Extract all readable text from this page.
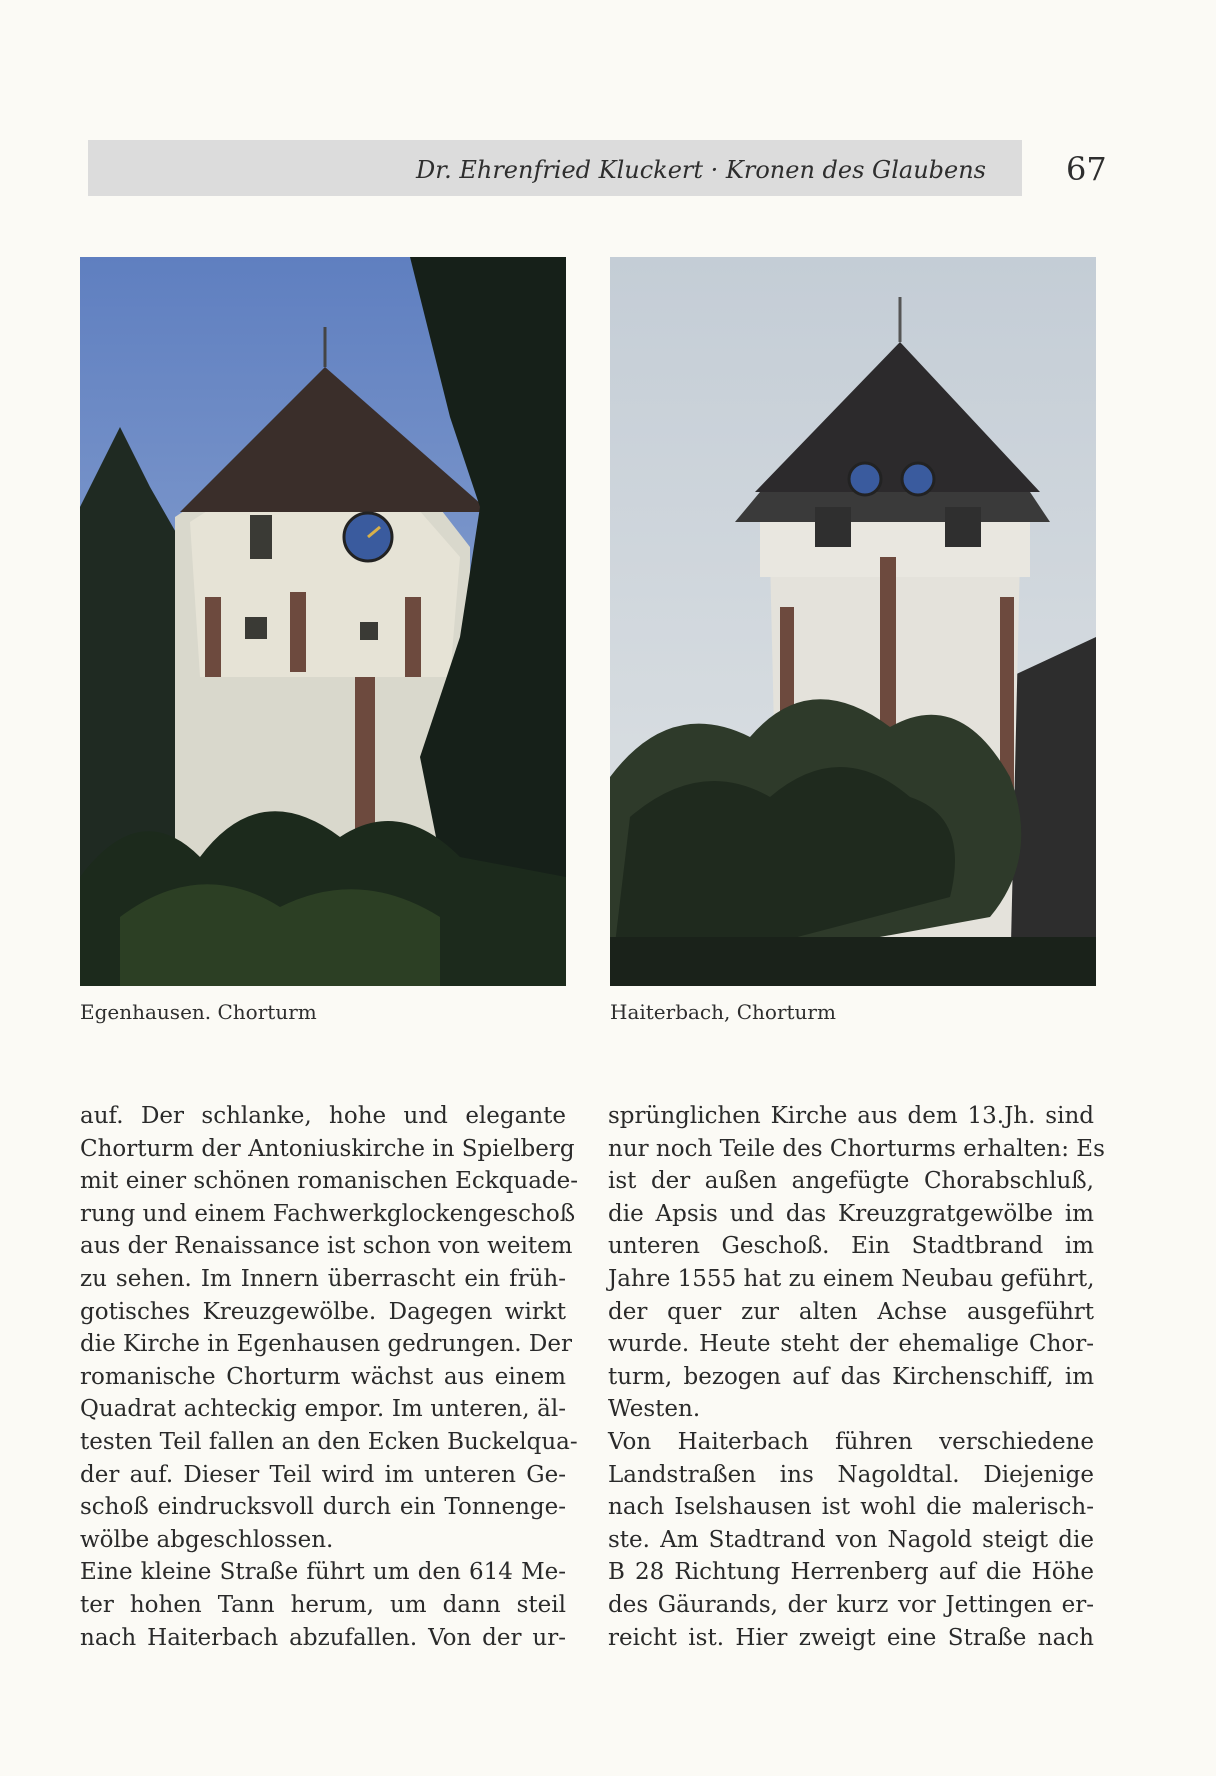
Dr. Ehrenfried Kluckert · Kronen des Glaubens	67
Egenhausen. Chorturm	Haiterbach, Chorturm
auf. Der schlanke, hohe und elegante
Chorturm der Antoniuskirche in Spielberg
mit einer schönen romanischen Eckquade-
rung und einem Fachwerkglockengeschoß
aus der Renaissance ist schon von weitem
zu sehen. Im Innern überrascht ein früh-
gotisches Kreuzgewölbe. Dagegen wirkt
die Kirche in Egenhausen gedrungen. Der
romanische Chorturm wächst aus einem
Quadrat achteckig empor. Im unteren, äl-
testen Teil fallen an den Ecken Buckelqua-
der auf. Dieser Teil wird im unteren Ge-
schoß eindrucksvoll durch ein Tonnenge-
wölbe abgeschlossen.
Eine kleine Straße führt um den 614 Me-
ter hohen Tann herum, um dann steil
nach Haiterbach abzufallen. Von der ur-
sprünglichen Kirche aus dem 13.Jh. sind
nur noch Teile des Chorturms erhalten: Es
ist der außen angefügte Chorabschluß,
die Apsis und das Kreuzgratgewölbe im
unteren Geschoß. Ein Stadtbrand im
Jahre 1555 hat zu einem Neubau geführt,
der quer zur alten Achse ausgeführt
wurde. Heute steht der ehemalige Chor-
turm, bezogen auf das Kirchenschiff, im
Westen.
Von Haiterbach führen verschiedene
Landstraßen ins Nagoldtal. Diejenige
nach Iselshausen ist wohl die malerisch-
ste. Am Stadtrand von Nagold steigt die
B 28 Richtung Herrenberg auf die Höhe
des Gäurands, der kurz vor Jettingen er-
reicht ist. Hier zweigt eine Straße nach
